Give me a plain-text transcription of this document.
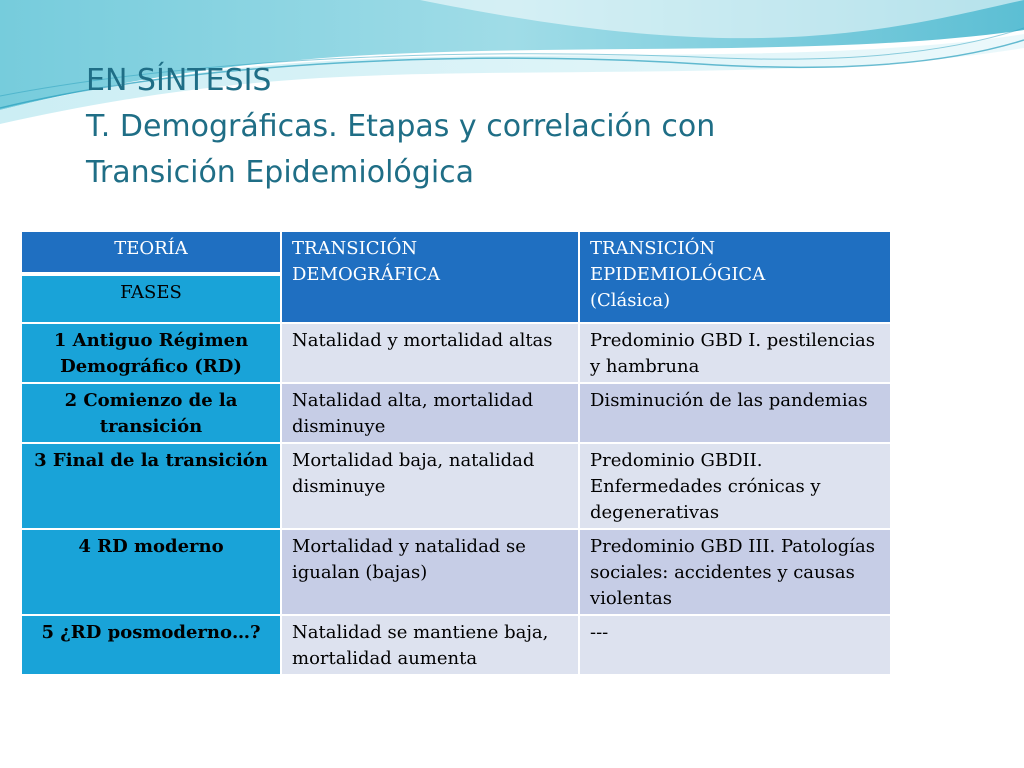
EN SÍNTESIS
T. Demográficas. Etapas y correlación con
Transición Epidemiológica
TEORÍA	TRANSICIÓN DEMOGRÁFICA	TRANSICIÓN EPIDEMIOLÓGICA
(Clásica)
FASES		
1 Antiguo Régimen Demográfico (RD)	Natalidad y mortalidad altas	Predominio GBD I. pestilencias y hambruna
2 Comienzo de la transición	Natalidad alta, mortalidad disminuye	Disminución de las pandemias
3 Final de la transición	Mortalidad baja, natalidad disminuye	Predominio GBDII. Enfermedades crónicas y degenerativas
4 RD moderno	Mortalidad y natalidad se igualan (bajas)	Predominio GBD III. Patologías sociales: accidentes y causas violentas
5 ¿RD posmoderno…?	Natalidad se mantiene baja, mortalidad aumenta	---
